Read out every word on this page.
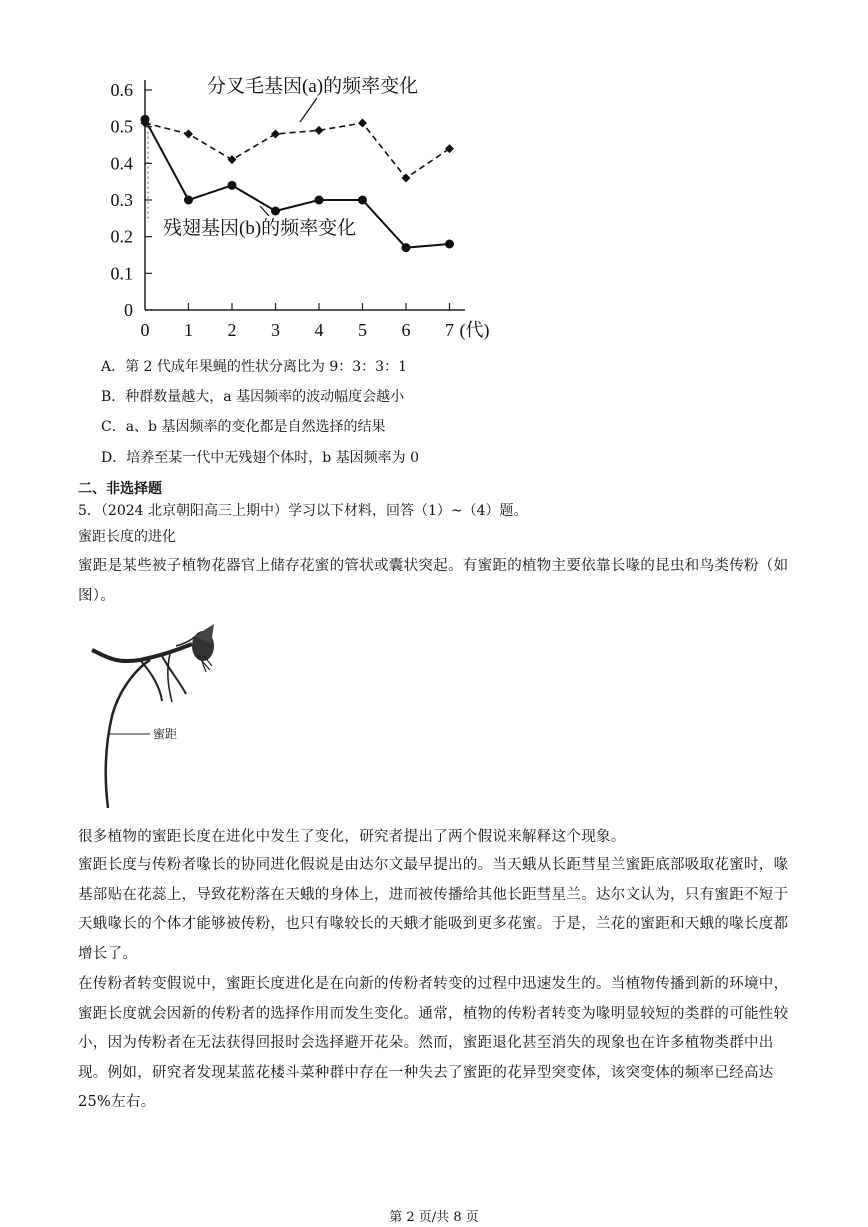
0
0.1
0.2
0.3
0.4
0.5
0.6
0 1 2 3 4 5 6 7 (代)
分叉毛基因(a)的频率变化
残翅基因(b)的频率变化
A．第 2 代成年果蝇的性状分离比为 9：3：3：1
B．种群数量越大，a 基因频率的波动幅度会越小
C．a、b 基因频率的变化都是自然选择的结果
D．培养至某一代中无残翅个体时，b 基因频率为 0
二、非选择题
5．（2024 北京朝阳高三上期中）学习以下材料，回答（1）~（4）题。
蜜距长度的进化
蜜距是某些被子植物花器官上储存花蜜的管状或囊状突起。有蜜距的植物主要依靠长喙的昆虫和鸟类传粉（如图）。
蜜距
很多植物的蜜距长度在进化中发生了变化，研究者提出了两个假说来解释这个现象。
蜜距长度与传粉者喙长的协同进化假说是由达尔文最早提出的。当天蛾从长距彗星兰蜜距底部吸取花蜜时，喙基部贴在花蕊上，导致花粉落在天蛾的身体上，进而被传播给其他长距彗星兰。达尔文认为，只有蜜距不短于天蛾喙长的个体才能够被传粉，也只有喙较长的天蛾才能吸到更多花蜜。于是，兰花的蜜距和天蛾的喙长度都增长了。
在传粉者转变假说中，蜜距长度进化是在向新的传粉者转变的过程中迅速发生的。当植物传播到新的环境中，蜜距长度就会因新的传粉者的选择作用而发生变化。通常，植物的传粉者转变为喙明显较短的类群的可能性较小，因为传粉者在无法获得回报时会选择避开花朵。然而，蜜距退化甚至消失的现象也在许多植物类群中出现。例如，研究者发现某蓝花楼斗菜种群中存在一种失去了蜜距的花异型突变体，该突变体的频率已经高达 25%左右。
第 2 页/共 8 页
